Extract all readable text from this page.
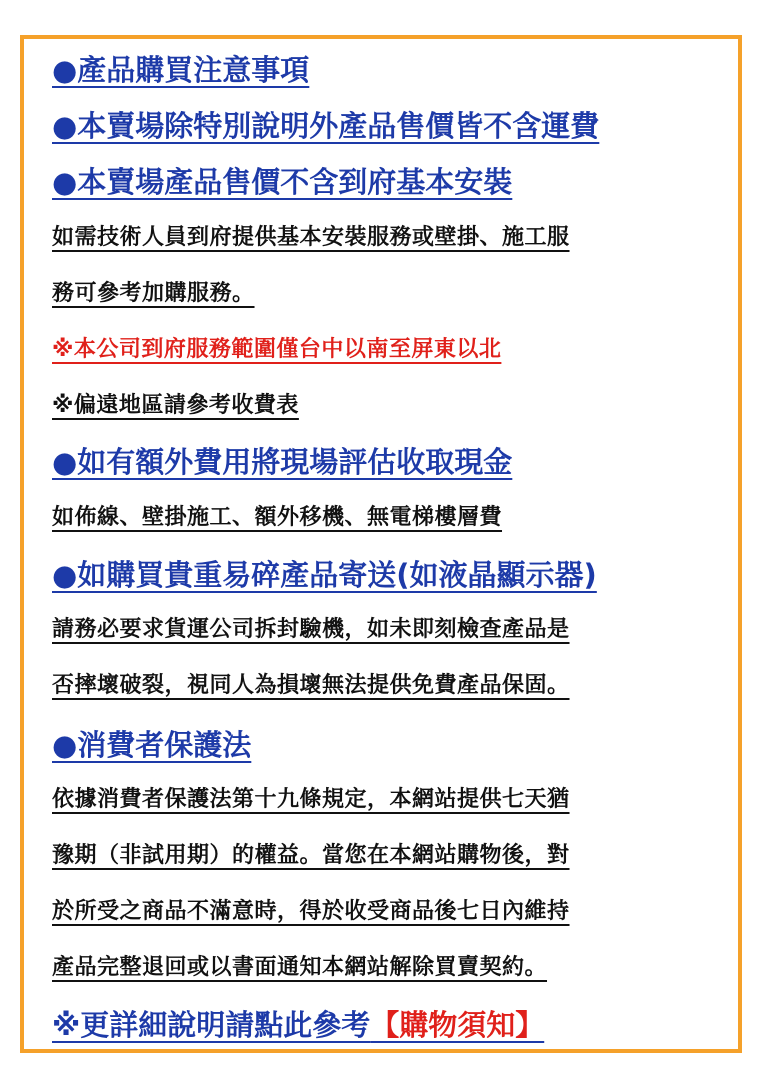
●產品購買注意事項

●本賣場除特別說明外產品售價皆不含運費

●本賣場產品售價不含到府基本安裝

如需技術人員到府提供基本安裝服務或壁掛、施工服

務可參考加購服務。

※本公司到府服務範圍僅台中以南至屏東以北

※偏遠地區請參考收費表

●如有額外費用將現場評估收取現金

如佈線、壁掛施工、額外移機、無電梯樓層費

●如購買貴重易碎產品寄送(如液晶顯示器)

請務必要求貨運公司拆封驗機，如未即刻檢查產品是

否摔壞破裂，視同人為損壞無法提供免費產品保固。

●消費者保護法

依據消費者保護法第十九條規定，本網站提供七天猶

豫期（非試用期）的權益。當您在本網站購物後，對

於所受之商品不滿意時，得於收受商品後七日內維持

產品完整退回或以書面通知本網站解除買賣契約。

※更詳細說明請點此參考【購物須知】
